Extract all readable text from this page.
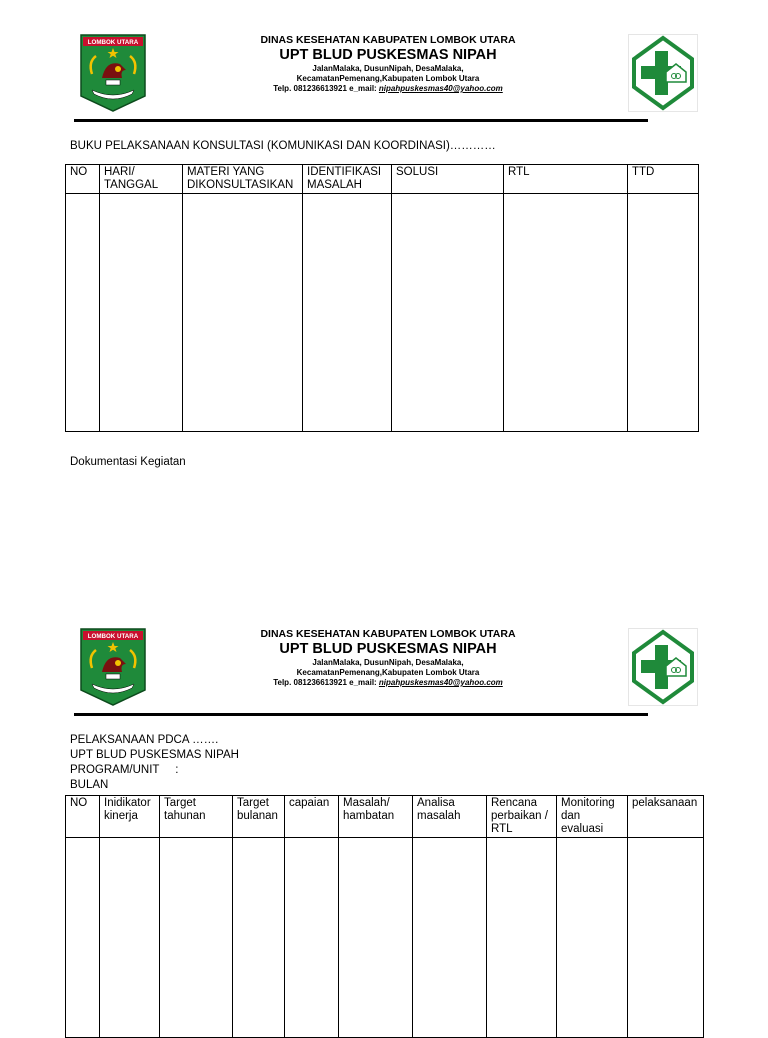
LOMBOK UTARA	DINAS KESEHATAN KABUPATEN LOMBOK UTARA
UPT BLUD PUSKESMAS NIPAH
JalanMalaka, DusunNipah, DesaMalaka,
KecamatanPemenang,Kabupaten Lombok Utara
Telp. 081236613921 e_mail: nipahpuskesmas40@yahoo.com
BUKU PELAKSANAAN KONSULTASI (KOMUNIKASI DAN KOORDINASI)…………
NO	HARI/ TANGGAL	MATERI YANG DIKONSULTASIKAN	IDENTIFIKASI MASALAH	SOLUSI	RTL	TTD

Dokumentasi Kegiatan
LOMBOK UTARA	DINAS KESEHATAN KABUPATEN LOMBOK UTARA
UPT BLUD PUSKESMAS NIPAH
JalanMalaka, DusunNipah, DesaMalaka,
KecamatanPemenang,Kabupaten Lombok Utara
Telp. 081236613921 e_mail: nipahpuskesmas40@yahoo.com
PELAKSANAAN PDCA …….
UPT BLUD PUSKESMAS NIPAH
PROGRAM/UNIT     :
BULAN
NO	Inidikator kinerja	Target tahunan	Target bulanan	capaian	Masalah/ hambatan	Analisa masalah	Rencana perbaikan / RTL	Monitoring dan evaluasi	pelaksanaan
